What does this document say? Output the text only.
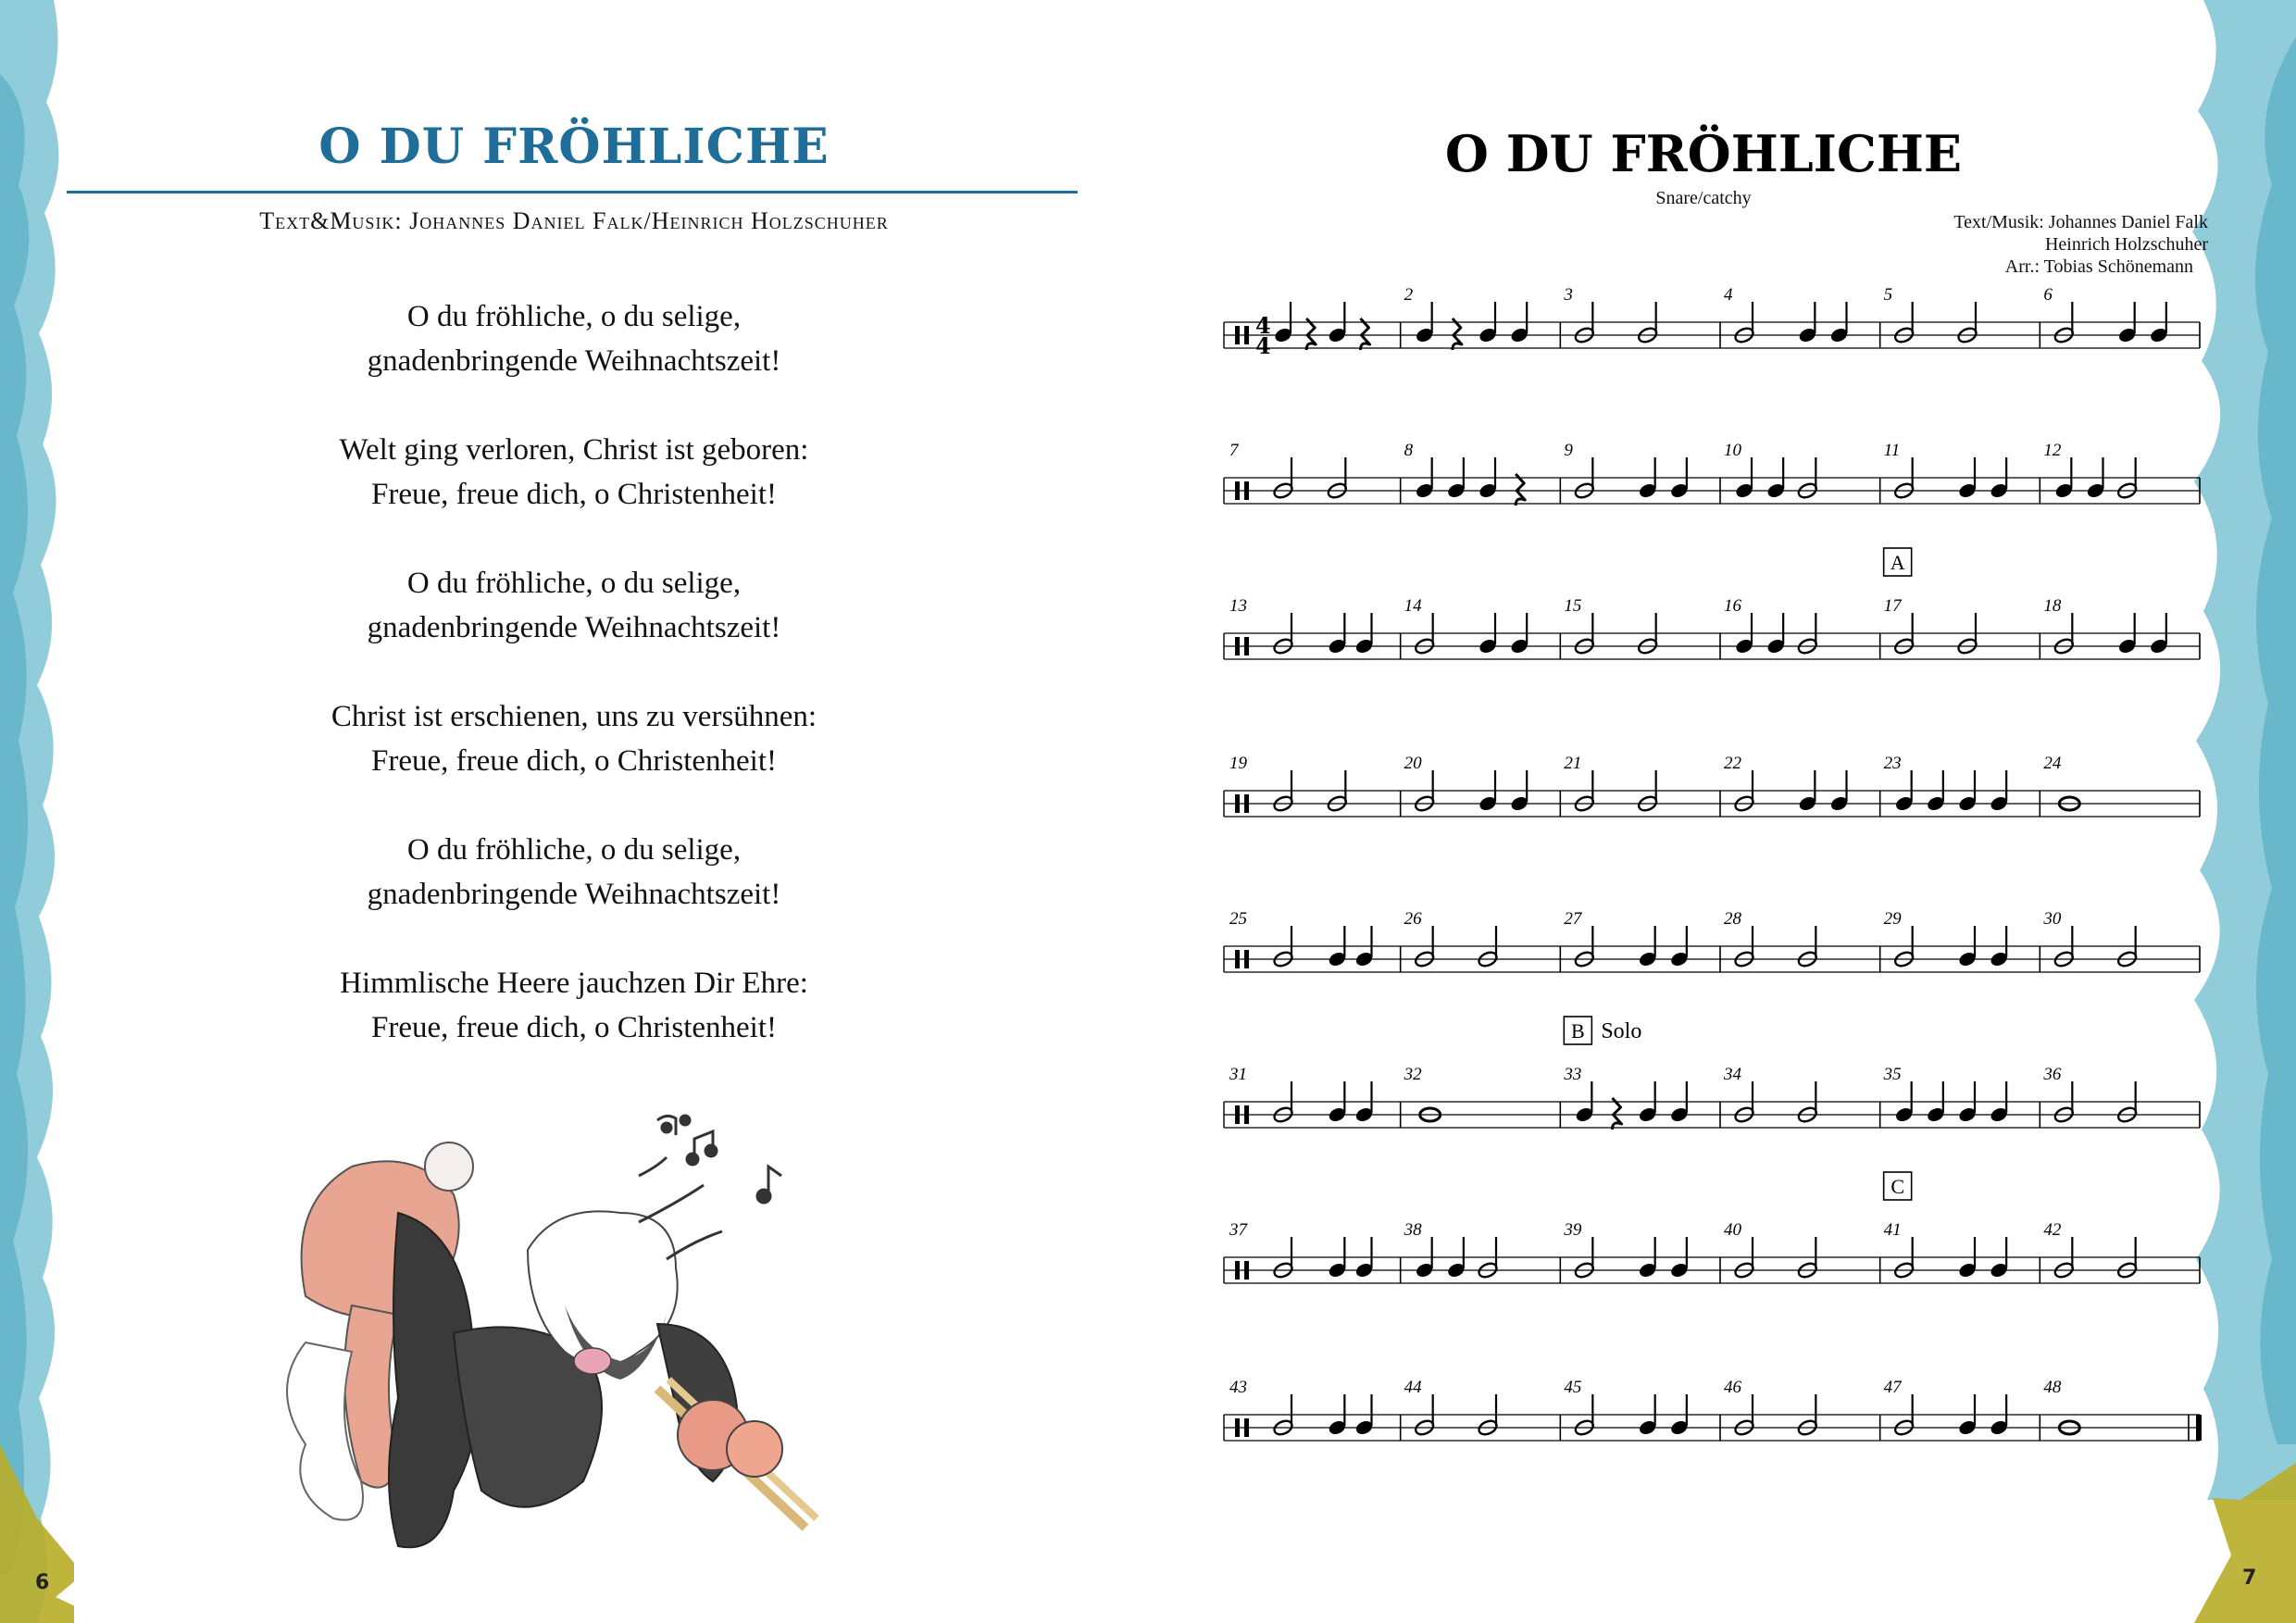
O DU FRÖHLICHE
Text&Musik: Johannes Daniel Falk/Heinrich Holzschuher
O du fröhliche, o du selige,
gnadenbringende Weihnachtszeit!
Welt ging verloren, Christ ist geboren:
Freue, freue dich, o Christenheit!
O du fröhliche, o du selige,
gnadenbringende Weihnachtszeit!
Christ ist erschienen, uns zu versühnen:
Freue, freue dich, o Christenheit!
O du fröhliche, o du selige,
gnadenbringende Weihnachtszeit!
Himmlische Heere jauchzen Dir Ehre:
Freue, freue dich, o Christenheit!
6
O DU FRÖHLICHE
Snare/catchy
Text/Musik: Johannes Daniel Falk
Heinrich Holzschuher
Arr.: Tobias Schönemann
2	3	4	5	6
7	8	9	10	11	12
13	14	15	16	17	18
19	20	21	22	23	24
25	26	27	28	29	30
31	32	33	34	35	36
37	38	39	40	41	42
43	44	45	46	47	48
4
4
A
B Solo
C
7
